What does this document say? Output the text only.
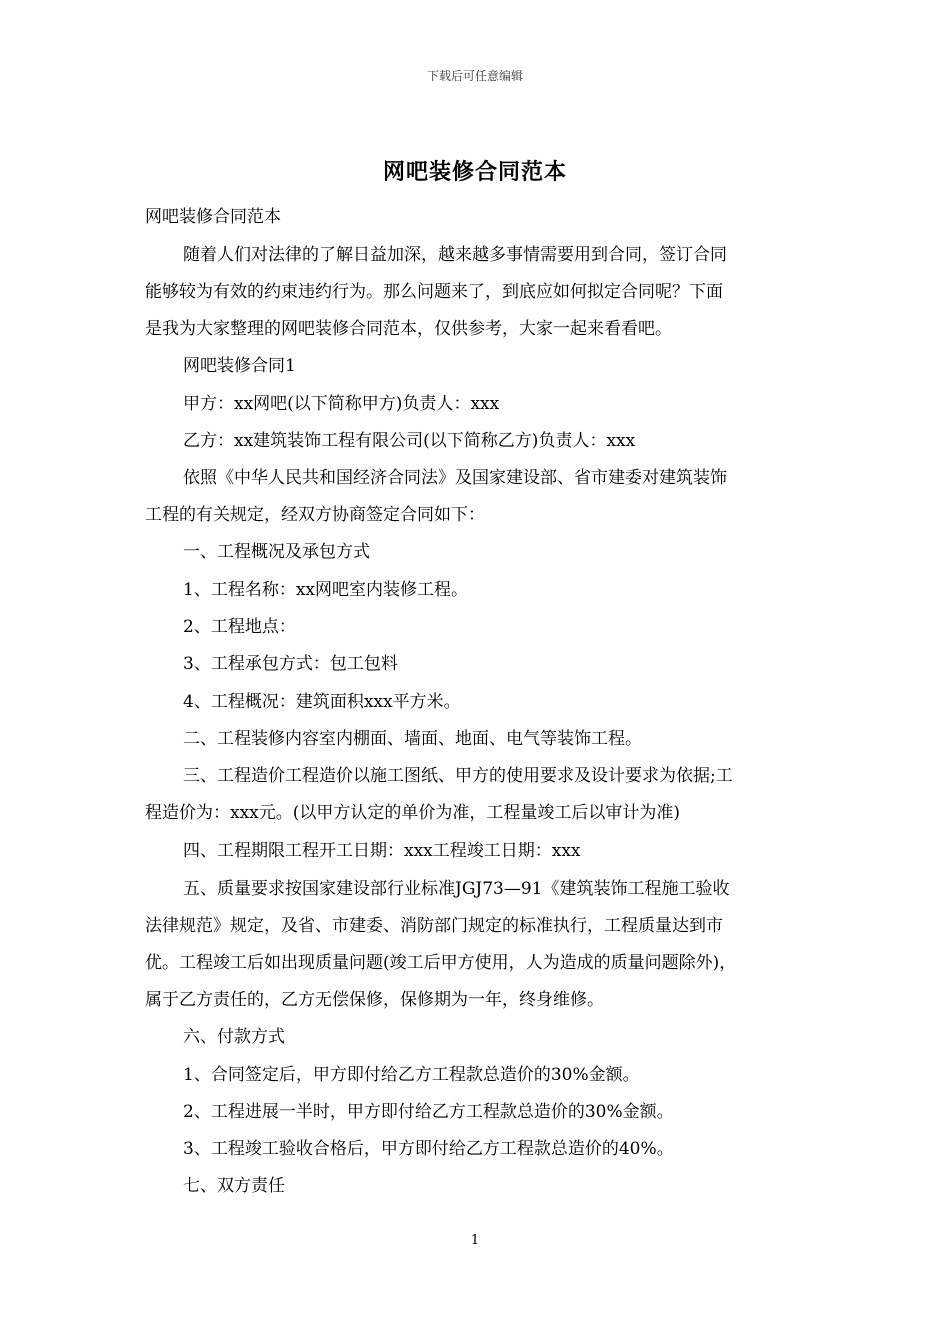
下载后可任意编辑
网吧装修合同范本
网吧装修合同范本
随着人们对法律的了解日益加深，越来越多事情需要用到合同，签订合同
能够较为有效的约束违约行为。那么问题来了，到底应如何拟定合同呢？下面
是我为大家整理的网吧装修合同范本，仅供参考，大家一起来看看吧。
网吧装修合同1
甲方：xx网吧(以下简称甲方)负责人：xxx
乙方：xx建筑装饰工程有限公司(以下简称乙方)负责人：xxx
依照《中华人民共和国经济合同法》及国家建设部、省市建委对建筑装饰
工程的有关规定，经双方协商签定合同如下：
一、工程概况及承包方式
1、工程名称：xx网吧室内装修工程。
2、工程地点：
3、工程承包方式：包工包料
4、工程概况：建筑面积xxx平方米。
二、工程装修内容室内棚面、墙面、地面、电气等装饰工程。
三、工程造价工程造价以施工图纸、甲方的使用要求及设计要求为依据;工
程造价为：xxx元。(以甲方认定的单价为准，工程量竣工后以审计为准)
四、工程期限工程开工日期：xxx工程竣工日期：xxx
五、质量要求按国家建设部行业标准JGJ73—91《建筑装饰工程施工验收
法律规范》规定，及省、市建委、消防部门规定的标准执行，工程质量达到市
优。工程竣工后如出现质量问题(竣工后甲方使用，人为造成的质量问题除外)，
属于乙方责任的，乙方无偿保修，保修期为一年，终身维修。
六、付款方式
1、合同签定后，甲方即付给乙方工程款总造价的30%金额。
2、工程进展一半时，甲方即付给乙方工程款总造价的30%金额。
3、工程竣工验收合格后，甲方即付给乙方工程款总造价的40%。
七、双方责任
1
